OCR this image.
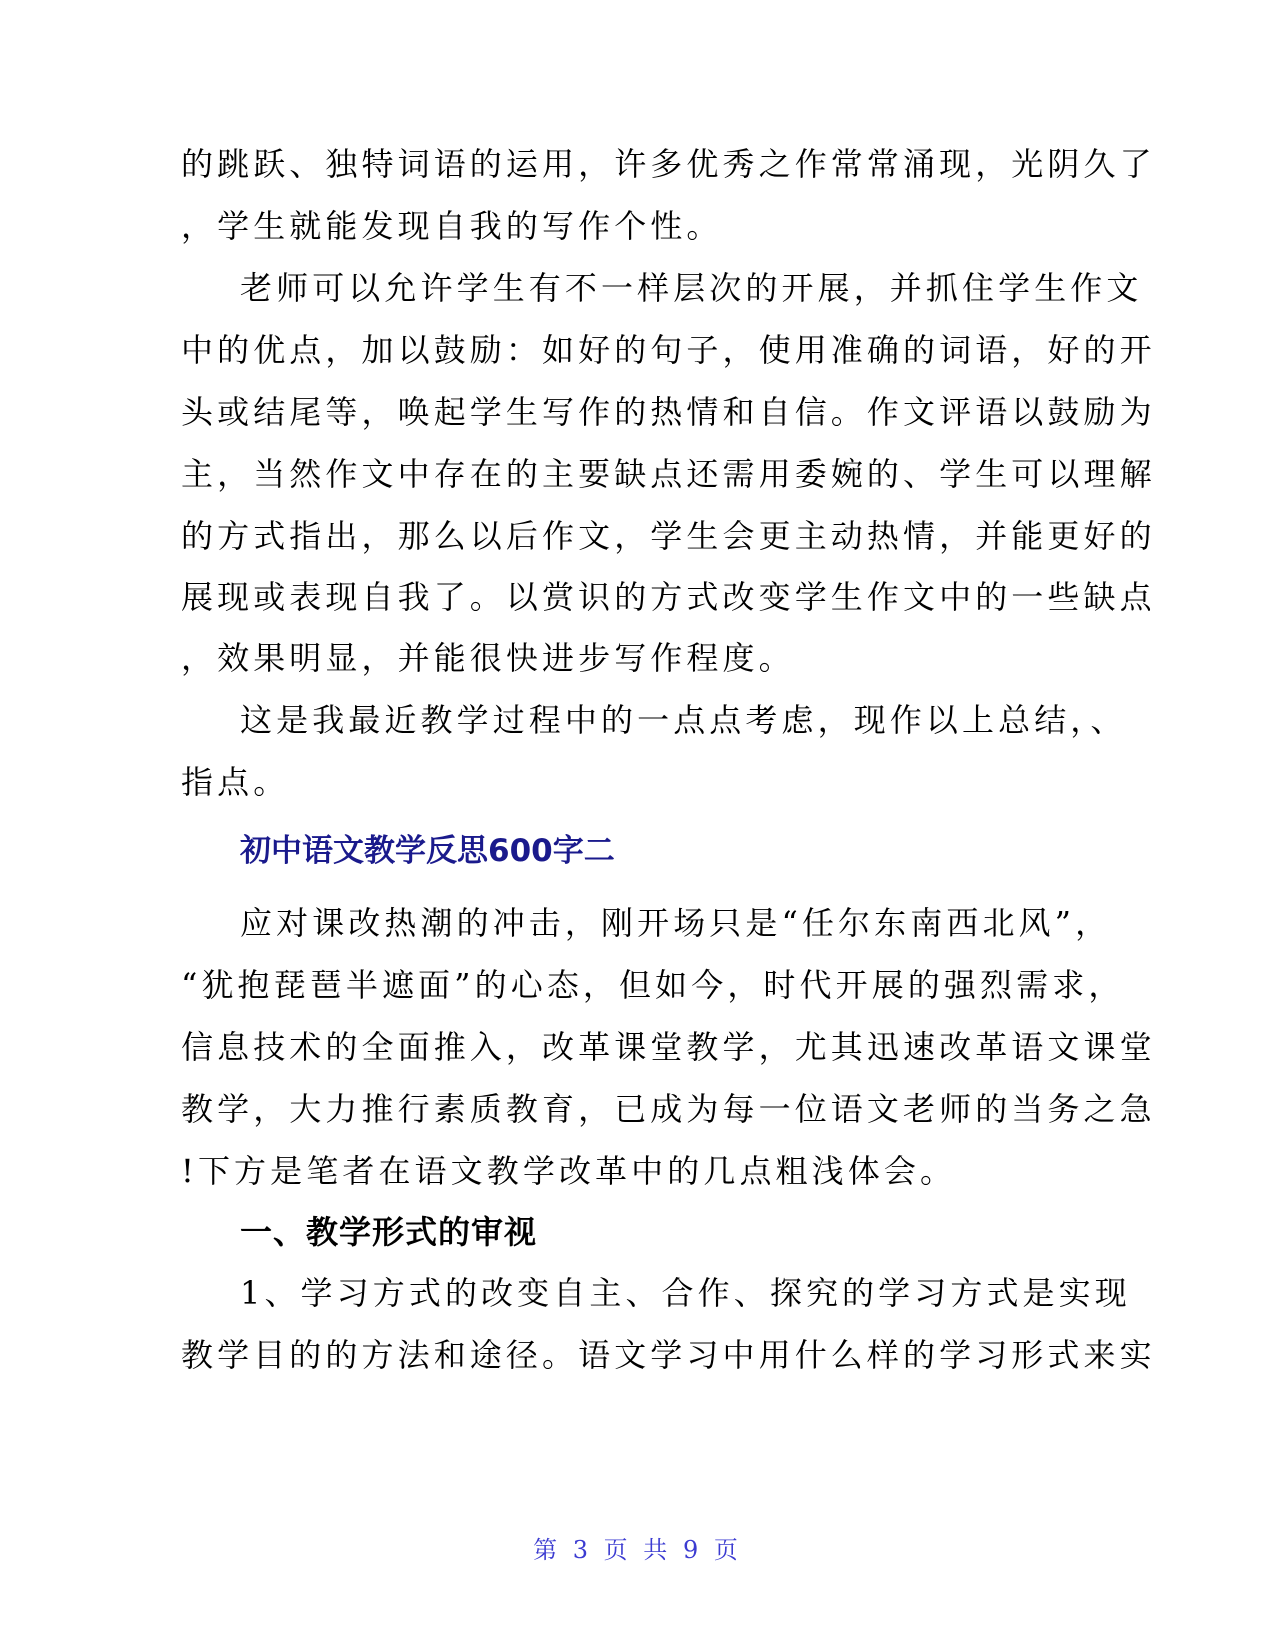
的跳跃、独特词语的运用，许多优秀之作常常涌现，光阴久了
，学生就能发现自我的写作个性。
老师可以允许学生有不一样层次的开展，并抓住学生作文
中的优点，加以鼓励：如好的句子，使用准确的词语，好的开
头或结尾等，唤起学生写作的热情和自信。作文评语以鼓励为
主，当然作文中存在的主要缺点还需用委婉的、学生可以理解
的方式指出，那么以后作文，学生会更主动热情，并能更好的
展现或表现自我了。以赏识的方式改变学生作文中的一些缺点
，效果明显，并能很快进步写作程度。
这是我最近教学过程中的一点点考虑，现作以上总结，、
指点。
初中语文教学反思600字二
应对课改热潮的冲击，刚开场只是“任尔东南西北风”，
“犹抱琵琶半遮面”的心态，但如今，时代开展的强烈需求，
信息技术的全面推入，改革课堂教学，尤其迅速改革语文课堂
教学，大力推行素质教育，已成为每一位语文老师的当务之急
!下方是笔者在语文教学改革中的几点粗浅体会。
一、教学形式的审视
1、学习方式的改变自主、合作、探究的学习方式是实现
教学目的的方法和途径。语文学习中用什么样的学习形式来实
第 3 页 共 9 页
